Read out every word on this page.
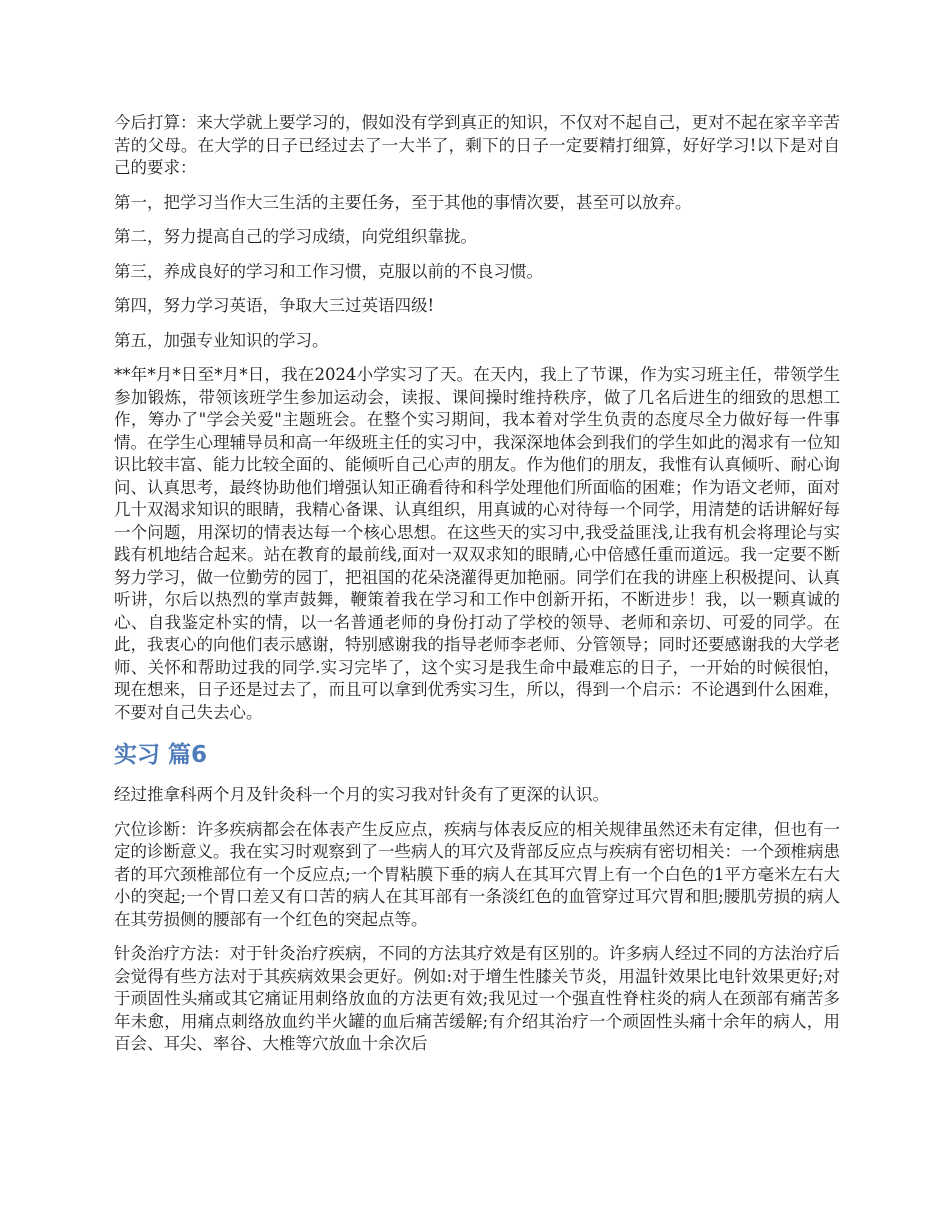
今后打算：来大学就上要学习的，假如没有学到真正的知识，不仅对不起自己，更对不起在家辛辛苦苦的父母。在大学的日子已经过去了一大半了，剩下的日子一定要精打细算，好好学习!以下是对自己的要求：

第一，把学习当作大三生活的主要任务，至于其他的事情次要，甚至可以放弃。

第二，努力提高自己的学习成绩，向党组织靠拢。

第三，养成良好的学习和工作习惯，克服以前的不良习惯。

第四，努力学习英语，争取大三过英语四级!

第五，加强专业知识的学习。

**年*月*日至*月*日，我在2024小学实习了天。在天内，我上了节课，作为实习班主任，带领学生参加锻炼，带领该班学生参加运动会，读报、课间操时维持秩序，做了几名后进生的细致的思想工作，筹办了"学会关爱"主题班会。在整个实习期间，我本着对学生负责的态度尽全力做好每一件事情。在学生心理辅导员和高一年级班主任的实习中，我深深地体会到我们的学生如此的渴求有一位知识比较丰富、能力比较全面的、能倾听自己心声的朋友。作为他们的朋友，我惟有认真倾听、耐心询问、认真思考，最终协助他们增强认知正确看待和科学处理他们所面临的困难；作为语文老师，面对几十双渴求知识的眼睛，我精心备课、认真组织，用真诚的心对待每一个同学，用清楚的话讲解好每一个问题，用深切的情表达每一个核心思想。在这些天的实习中,我受益匪浅,让我有机会将理论与实践有机地结合起来。站在教育的最前线,面对一双双求知的眼睛,心中倍感任重而道远。我一定要不断努力学习，做一位勤劳的园丁，把祖国的花朵浇灌得更加艳丽。同学们在我的讲座上积极提问、认真听讲，尔后以热烈的掌声鼓舞，鞭策着我在学习和工作中创新开拓，不断进步！我，以一颗真诚的心、自我鉴定朴实的情，以一名普通老师的身份打动了学校的领导、老师和亲切、可爱的同学。在此，我衷心的向他们表示感谢，特别感谢我的指导老师李老师、分管领导；同时还要感谢我的大学老师、关怀和帮助过我的同学.实习完毕了，这个实习是我生命中最难忘的日子，一开始的时候很怕，现在想来，日子还是过去了，而且可以拿到优秀实习生，所以，得到一个启示：不论遇到什么困难，不要对自己失去心。

实习 篇6

经过推拿科两个月及针灸科一个月的实习我对针灸有了更深的认识。

穴位诊断：许多疾病都会在体表产生反应点，疾病与体表反应的相关规律虽然还未有定律，但也有一定的诊断意义。我在实习时观察到了一些病人的耳穴及背部反应点与疾病有密切相关：一个颈椎病患者的耳穴颈椎部位有一个反应点;一个胃粘膜下垂的病人在其耳穴胃上有一个白色的1平方毫米左右大小的突起;一个胃口差又有口苦的病人在其耳部有一条淡红色的血管穿过耳穴胃和胆;腰肌劳损的病人在其劳损侧的腰部有一个红色的突起点等。

针灸治疗方法：对于针灸治疗疾病，不同的方法其疗效是有区别的。许多病人经过不同的方法治疗后会觉得有些方法对于其疾病效果会更好。例如:对于增生性膝关节炎，用温针效果比电针效果更好;对于顽固性头痛或其它痛证用刺络放血的方法更有效;我见过一个强直性脊柱炎的病人在颈部有痛苦多年未愈，用痛点刺络放血约半火罐的血后痛苦缓解;有介绍其治疗一个顽固性头痛十余年的病人，用百会、耳尖、率谷、大椎等穴放血十余次后
